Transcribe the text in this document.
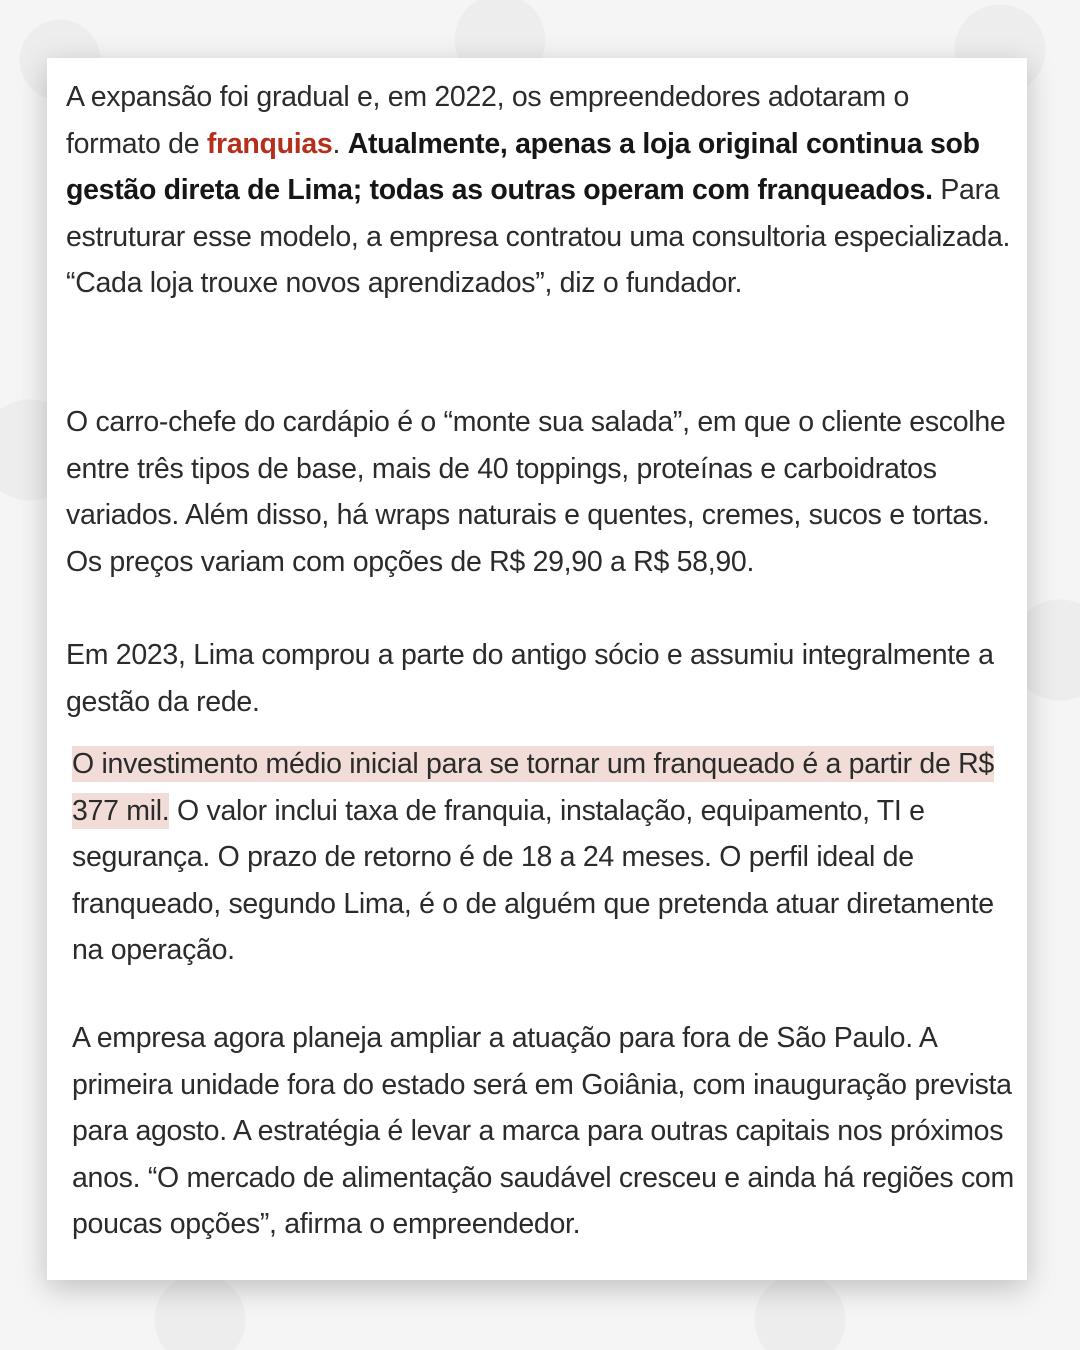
A expansão foi gradual e, em 2022, os empreendedores adotaram o formato de franquias. Atualmente, apenas a loja original continua sob gestão direta de Lima; todas as outras operam com franqueados. Para estruturar esse modelo, a empresa contratou uma consultoria especializada. “Cada loja trouxe novos aprendizados”, diz o fundador.

O carro-chefe do cardápio é o “monte sua salada”, em que o cliente escolhe entre três tipos de base, mais de 40 toppings, proteínas e carboidratos variados. Além disso, há wraps naturais e quentes, cremes, sucos e tortas. Os preços variam com opções de R$ 29,90 a R$ 58,90.

Em 2023, Lima comprou a parte do antigo sócio e assumiu integralmente a gestão da rede.

O investimento médio inicial para se tornar um franqueado é a partir de R$ 377 mil. O valor inclui taxa de franquia, instalação, equipamento, TI e segurança. O prazo de retorno é de 18 a 24 meses. O perfil ideal de franqueado, segundo Lima, é o de alguém que pretenda atuar diretamente na operação.

A empresa agora planeja ampliar a atuação para fora de São Paulo. A primeira unidade fora do estado será em Goiânia, com inauguração prevista para agosto. A estratégia é levar a marca para outras capitais nos próximos anos. “O mercado de alimentação saudável cresceu e ainda há regiões com poucas opções”, afirma o empreendedor.
